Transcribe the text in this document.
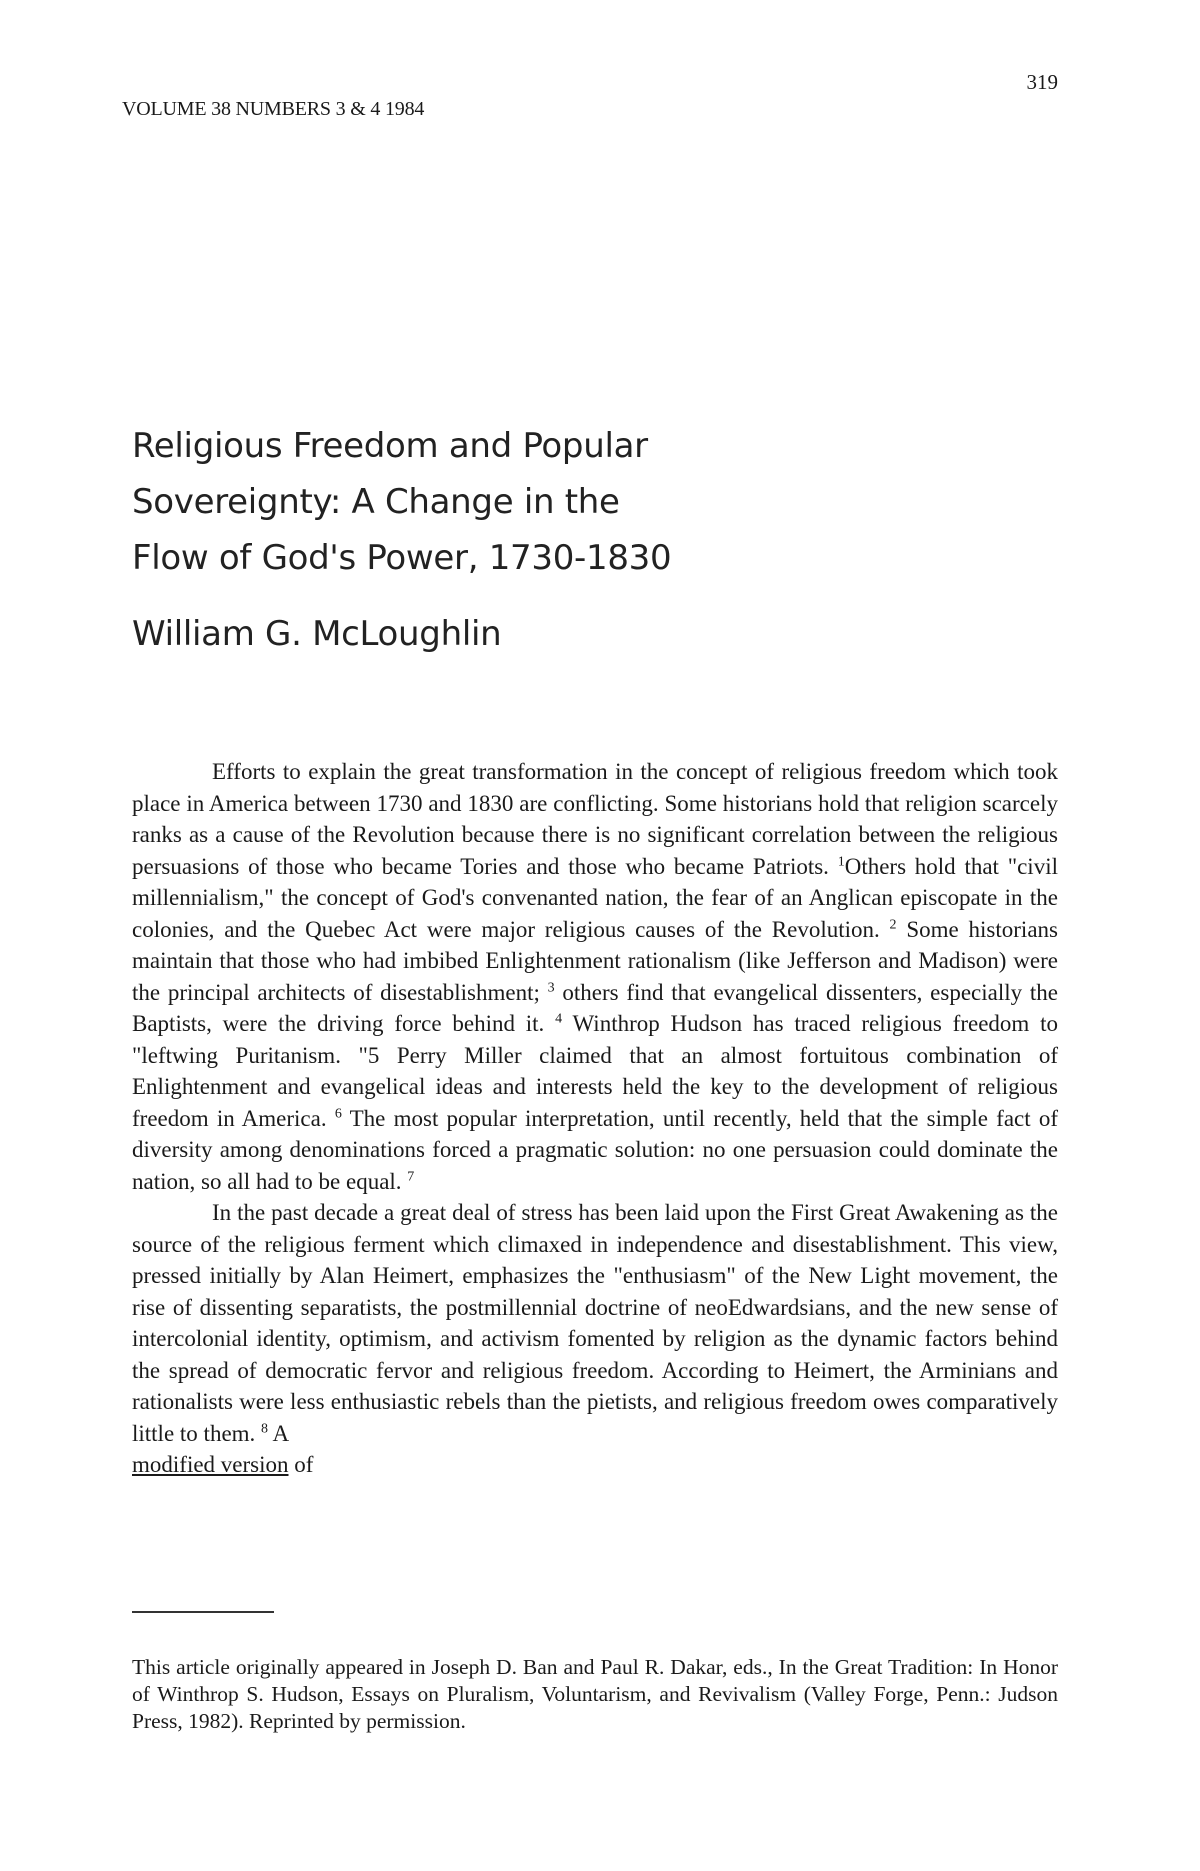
319
VOLUME 38 NUMBERS 3 & 4 1984
Religious Freedom and Popular
Sovereignty: A Change in the
Flow of God's Power, 1730-1830
William G. McLoughlin

Efforts to explain the great transformation in the concept of religious freedom which took place in America between 1730 and 1830 are conflicting. Some historians hold that religion scarcely ranks as a cause of the Revolution because there is no significant correlation between the religious persuasions of those who became Tories and those who became Patriots. $^1$Others hold that "civil millennialism," the concept of God's convenanted nation, the fear of an Anglican episcopate in the colonies, and the Quebec Act were major religious causes of the Revolution. $^2$ Some historians maintain that those who had imbibed Enlightenment rationalism (like Jefferson and Madison) were the principal architects of disestablishment; $^3$ others find that evangelical dissenters, especially the Baptists, were the driving force behind it. $^4$ Winthrop Hudson has traced religious freedom to "leftwing Puritanism. "5 Perry Miller claimed that an almost fortuitous combination of Enlightenment and evangelical ideas and interests held the key to the development of religious freedom in America. $^6$ The most popular interpretation, until recently, held that the simple fact of diversity among denominations forced a pragmatic solution: no one persuasion could dominate the nation, so all had to be equal. $^7$

In the past decade a great deal of stress has been laid upon the First Great Awakening as the source of the religious ferment which climaxed in independence and disestablishment. This view, pressed initially by Alan Heimert, emphasizes the "enthusiasm" of the New Light movement, the rise of dissenting separatists, the postmillennial doctrine of neoEdwardsians, and the new sense of intercolonial identity, optimism, and activism fomented by religion as the dynamic factors behind the spread of democratic fervor and religious freedom. According to Heimert, the Arminians and rationalists were less enthusiastic rebels than the pietists, and religious freedom owes comparatively little to them. $^8$ A
modified version of

This article originally appeared in Joseph D. Ban and Paul R. Dakar, eds., In the Great Tradition: In Honor of Winthrop S. Hudson, Essays on Pluralism, Voluntarism, and Revivalism (Valley Forge, Penn.: Judson Press, 1982). Reprinted by permission.
